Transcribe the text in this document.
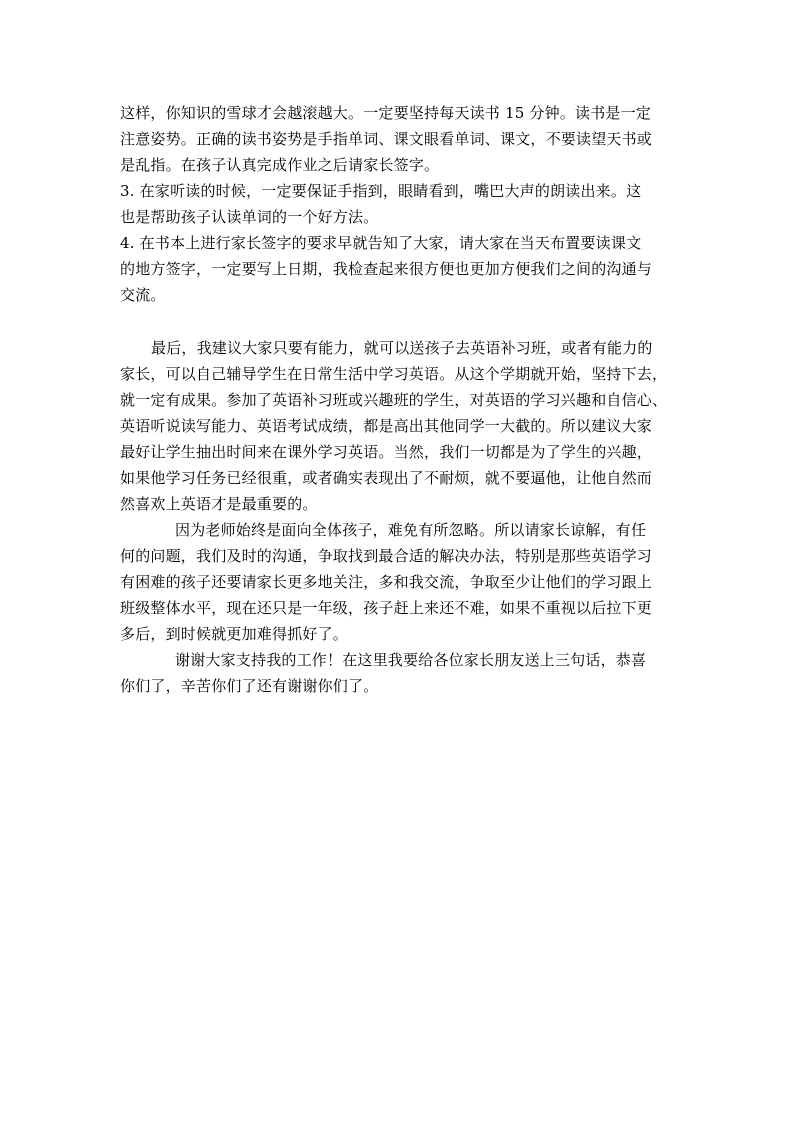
这样，你知识的雪球才会越滚越大。一定要坚持每天读书 15 分钟。读书是一定
注意姿势。正确的读书姿势是手指单词、课文眼看单词、课文，不要读望天书或
是乱指。在孩子认真完成作业之后请家长签字。
3. 在家听读的时候，一定要保证手指到，眼睛看到，嘴巴大声的朗读出来。这
也是帮助孩子认读单词的一个好方法。
4. 在书本上进行家长签字的要求早就告知了大家，请大家在当天布置要读课文
的地方签字，一定要写上日期，我检查起来很方便也更加方便我们之间的沟通与
交流。
最后，我建议大家只要有能力，就可以送孩子去英语补习班，或者有能力的
家长，可以自己辅导学生在日常生活中学习英语。从这个学期就开始，坚持下去，
就一定有成果。参加了英语补习班或兴趣班的学生，对英语的学习兴趣和自信心、
英语听说读写能力、英语考试成绩，都是高出其他同学一大截的。所以建议大家
最好让学生抽出时间来在课外学习英语。当然，我们一切都是为了学生的兴趣，
如果他学习任务已经很重，或者确实表现出了不耐烦，就不要逼他，让他自然而
然喜欢上英语才是最重要的。
因为老师始终是面向全体孩子，难免有所忽略。所以请家长谅解，有任
何的问题，我们及时的沟通，争取找到最合适的解决办法，特别是那些英语学习
有困难的孩子还要请家长更多地关注，多和我交流，争取至少让他们的学习跟上
班级整体水平，现在还只是一年级，孩子赶上来还不难，如果不重视以后拉下更
多后，到时候就更加难得抓好了。
谢谢大家支持我的工作！在这里我要给各位家长朋友送上三句话，恭喜
你们了，辛苦你们了还有谢谢你们了。
